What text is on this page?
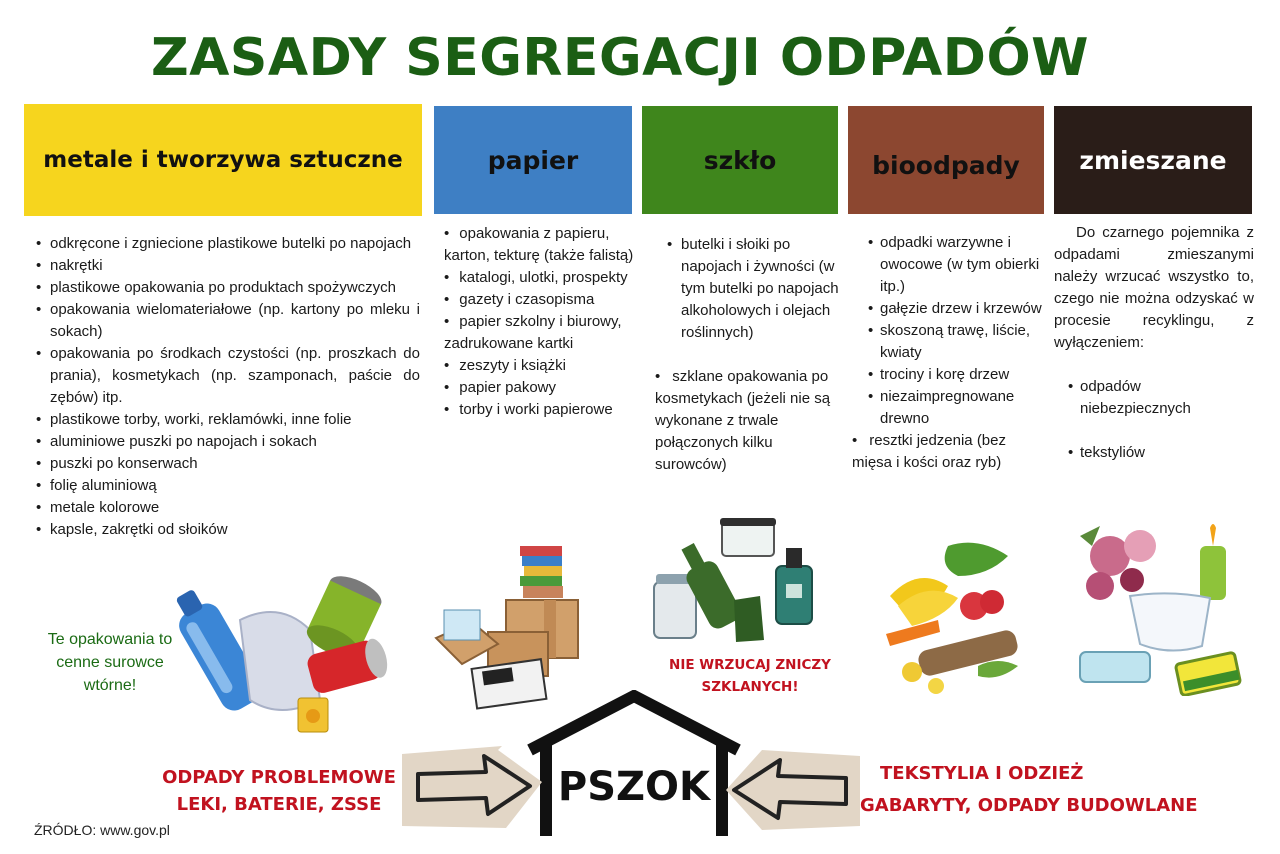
ZASADY SEGREGACJI ODPADÓW
metale i tworzywa sztuczne	papier	szkło	bioodpady zmieszane
• odkręcone i zgniecione plastikowe butelki po napojach
• nakrętki
• plastikowe opakowania po produktach spożywczych
• opakowania wielomateriałowe (np. kartony po mleku i sokach)
• opakowania po środkach czystości (np. proszkach do prania), kosmetykach (np. szamponach, paście do zębów) itp.
• plastikowe torby, worki, reklamówki, inne folie
• aluminiowe puszki po napojach i sokach
• puszki po konserwach
• folię aluminiową
• metale kolorowe
• kapsle, zakrętki od słoików
• opakowania z papieru, karton, tekturę (także falistą)
• katalogi, ulotki, prospekty
• gazety i czasopisma
• papier szkolny i biurowy, zadrukowane kartki
• zeszyty i książki
• papier pakowy
• torby i worki papierowe
• butelki i słoiki po napojach i żywności (w tym butelki po napojach alkoholowych i olejach roślinnych)
• szklane opakowania po kosmetykach (jeżeli nie są wykonane z trwale połączonych kilku surowców)
• odpadki warzywne i owocowe (w tym obierki itp.)
• gałęzie drzew i krzewów
• skoszoną trawę, liście, kwiaty
• trociny i korę drzew
• niezaimpregnowane drewno
• resztki jedzenia (bez mięsa i kości oraz ryb)

Do czarnego pojemnika z odpadami zmieszanymi należy wrzucać wszystko to, czego nie można odzyskać w procesie recyklingu, z wyłączeniem:

• odpadów niebezpiecznych
• tekstyliów
Te opakowania to cenne surowce wtórne!
NIE WRZUCAJ ZNICZY SZKLANYCH!
PSZOK
ODPADY PROBLEMOWE
LEKI, BATERIE, ZSSE
TEKSTYLIA I ODZIEŻ
GABARYTY, ODPADY BUDOWLANE
ŹRÓDŁO: www.gov.pl
